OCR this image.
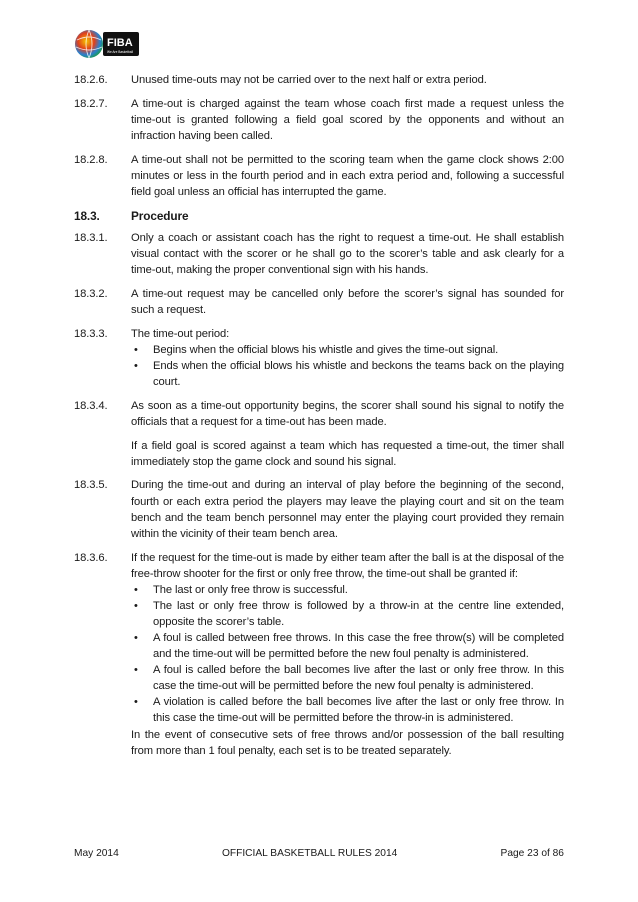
FIBA
We Are Basketball
18.2.6.	Unused time-outs may not be carried over to the next half or extra period.

18.2.7.	A time-out is charged against the team whose coach first made a request unless the time-out is granted following a field goal scored by the opponents and without an infraction having been called.

18.2.8.	A time-out shall not be permitted to the scoring team when the game clock shows 2:00 minutes or less in the fourth period and in each extra period and, following a successful field goal unless an official has interrupted the game.

18.3.	Procedure

18.3.1.	Only a coach or assistant coach has the right to request a time-out. He shall establish visual contact with the scorer or he shall go to the scorer’s table and ask clearly for a time-out, making the proper conventional sign with his hands.

18.3.2.	A time-out request may be cancelled only before the scorer’s signal has sounded for such a request.

18.3.3.	The time-out period:

• Begins when the official blows his whistle and gives the time-out signal.
• Ends when the official blows his whistle and beckons the teams back on the playing court.
18.3.4.	As soon as a time-out opportunity begins, the scorer shall sound his signal to notify the officials that a request for a time-out has been made.

If a field goal is scored against a team which has requested a time-out, the timer shall immediately stop the game clock and sound his signal.

18.3.5.	During the time-out and during an interval of play before the beginning of the second, fourth or each extra period the players may leave the playing court and sit on the team bench and the team bench personnel may enter the playing court provided they remain within the vicinity of their team bench area.

18.3.6.	If the request for the time-out is made by either team after the ball is at the disposal of the free-throw shooter for the first or only free throw, the time-out shall be granted if:

• The last or only free throw is successful.
• The last or only free throw is followed by a throw-in at the centre line extended, opposite the scorer’s table.
• A foul is called between free throws. In this case the free throw(s) will be completed and the time-out will be permitted before the new foul penalty is administered.
• A foul is called before the ball becomes live after the last or only free throw. In this case the time-out will be permitted before the new foul penalty is administered.
• A violation is called before the ball becomes live after the last or only free throw. In this case the time-out will be permitted before the throw-in is administered.

In the event of consecutive sets of free throws and/or possession of the ball resulting from more than 1 foul penalty, each set is to be treated separately.

May 2014	OFFICIAL BASKETBALL RULES 2014	Page 23 of 86
